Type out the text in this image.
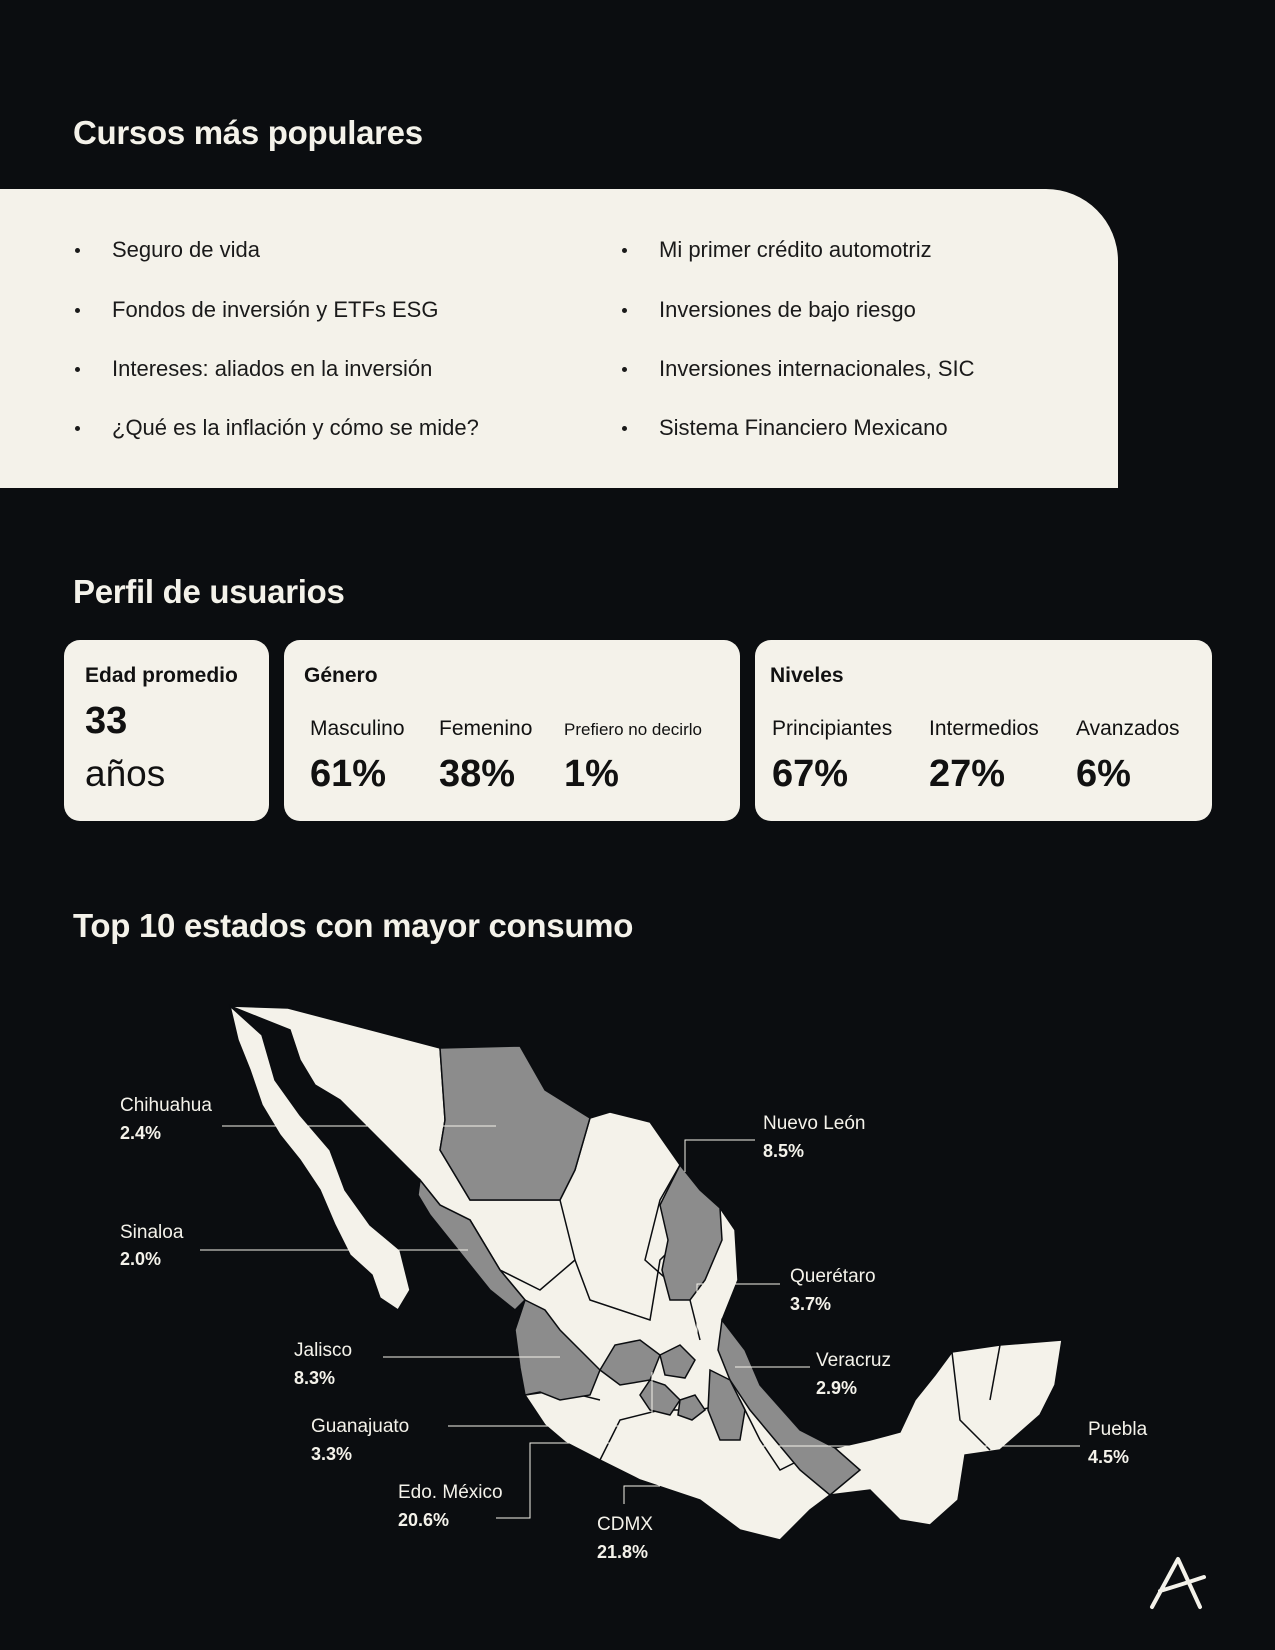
Cursos más populares
Seguro de vida
Fondos de inversión y ETFs ESG
Intereses: aliados en la inversión
¿Qué es la inflación y cómo se mide?
Mi primer crédito automotriz
Inversiones de bajo riesgo
Inversiones internacionales, SIC
Sistema Financiero Mexicano
Perfil de usuarios
Edad promedio
33
años
Género
Masculino
61%
Femenino
38%
Prefiero no decirlo
1%
Niveles
Principiantes
67%
Intermedios
27%
Avanzados
6%
Top 10 estados con mayor consumo
Chihuahua
2.4%
Sinaloa
2.0%
Jalisco
8.3%
Guanajuato
3.3%
Edo. México
20.6%	CDMX
21.8%
Nuevo León
8.5%
Querétaro
3.7%
Veracruz
2.9%
Puebla
4.5%
